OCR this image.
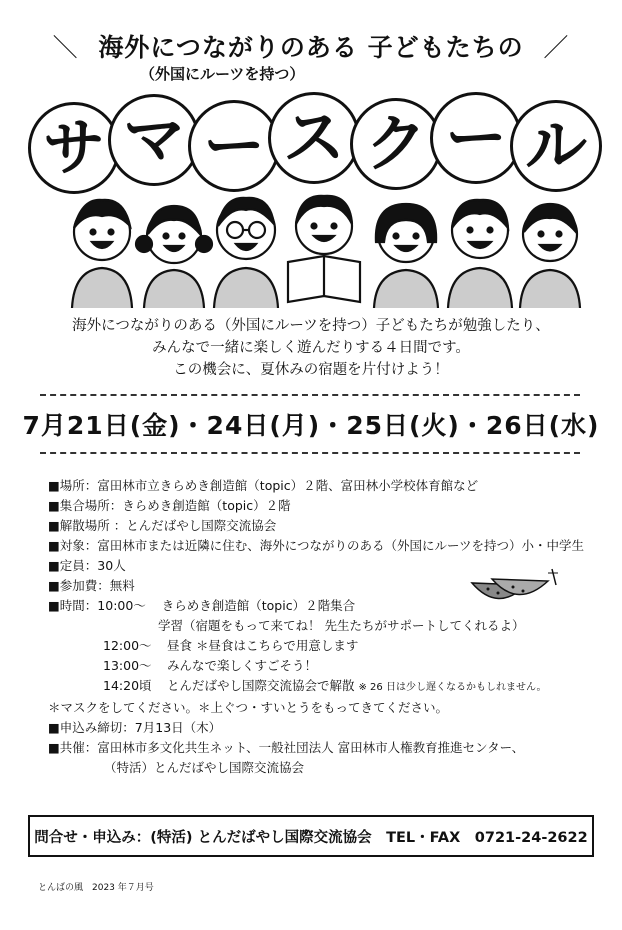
＼ 海外につながりのある 子どもたちの ／
（外国にルーツを持つ）
サ マ ー ス ク ー ル
海外につながりのある（外国にルーツを持つ）子どもたちが勉強したり、
みんなで一緒に楽しく遊んだりする４日間です。
この機会に、夏休みの宿題を片付けよう！
7月21日(金)・24日(月)・25日(火)・26日(水)
■場所：富田林市立きらめき創造館（topic）２階、富田林小学校体育館など
■集合場所：きらめき創造館（topic）２階
■解散場所 ：とんだばやし国際交流協会
■対象：富田林市または近隣に住む、海外につながりのある（外国にルーツを持つ）小・中学生
■定員：30人
■参加費：無料
■時間：10:00～ きらめき創造館（topic）２階集合
学習（宿題をもって来てね！ 先生たちがサポートしてくれるよ）
12:00～ 昼食 ＊昼食はこちらで用意します
13:00～ みんなで楽しくすごそう！
14:20頃 とんだばやし国際交流協会で解散 ※ 26 日は少し遅くなるかもしれません。
＊マスクをしてください。＊上ぐつ・すいとうをもってきてください。
■申込み締切：7月13日（木）
■共催：富田林市多文化共生ネット、一般社団法人 富田林市人権教育推進センター、
（特活）とんだばやし国際交流協会
問合せ・申込み：(特活) とんだばやし国際交流協会　TEL・FAX　0721-24-2622
とんばの風　2023 年７月号
